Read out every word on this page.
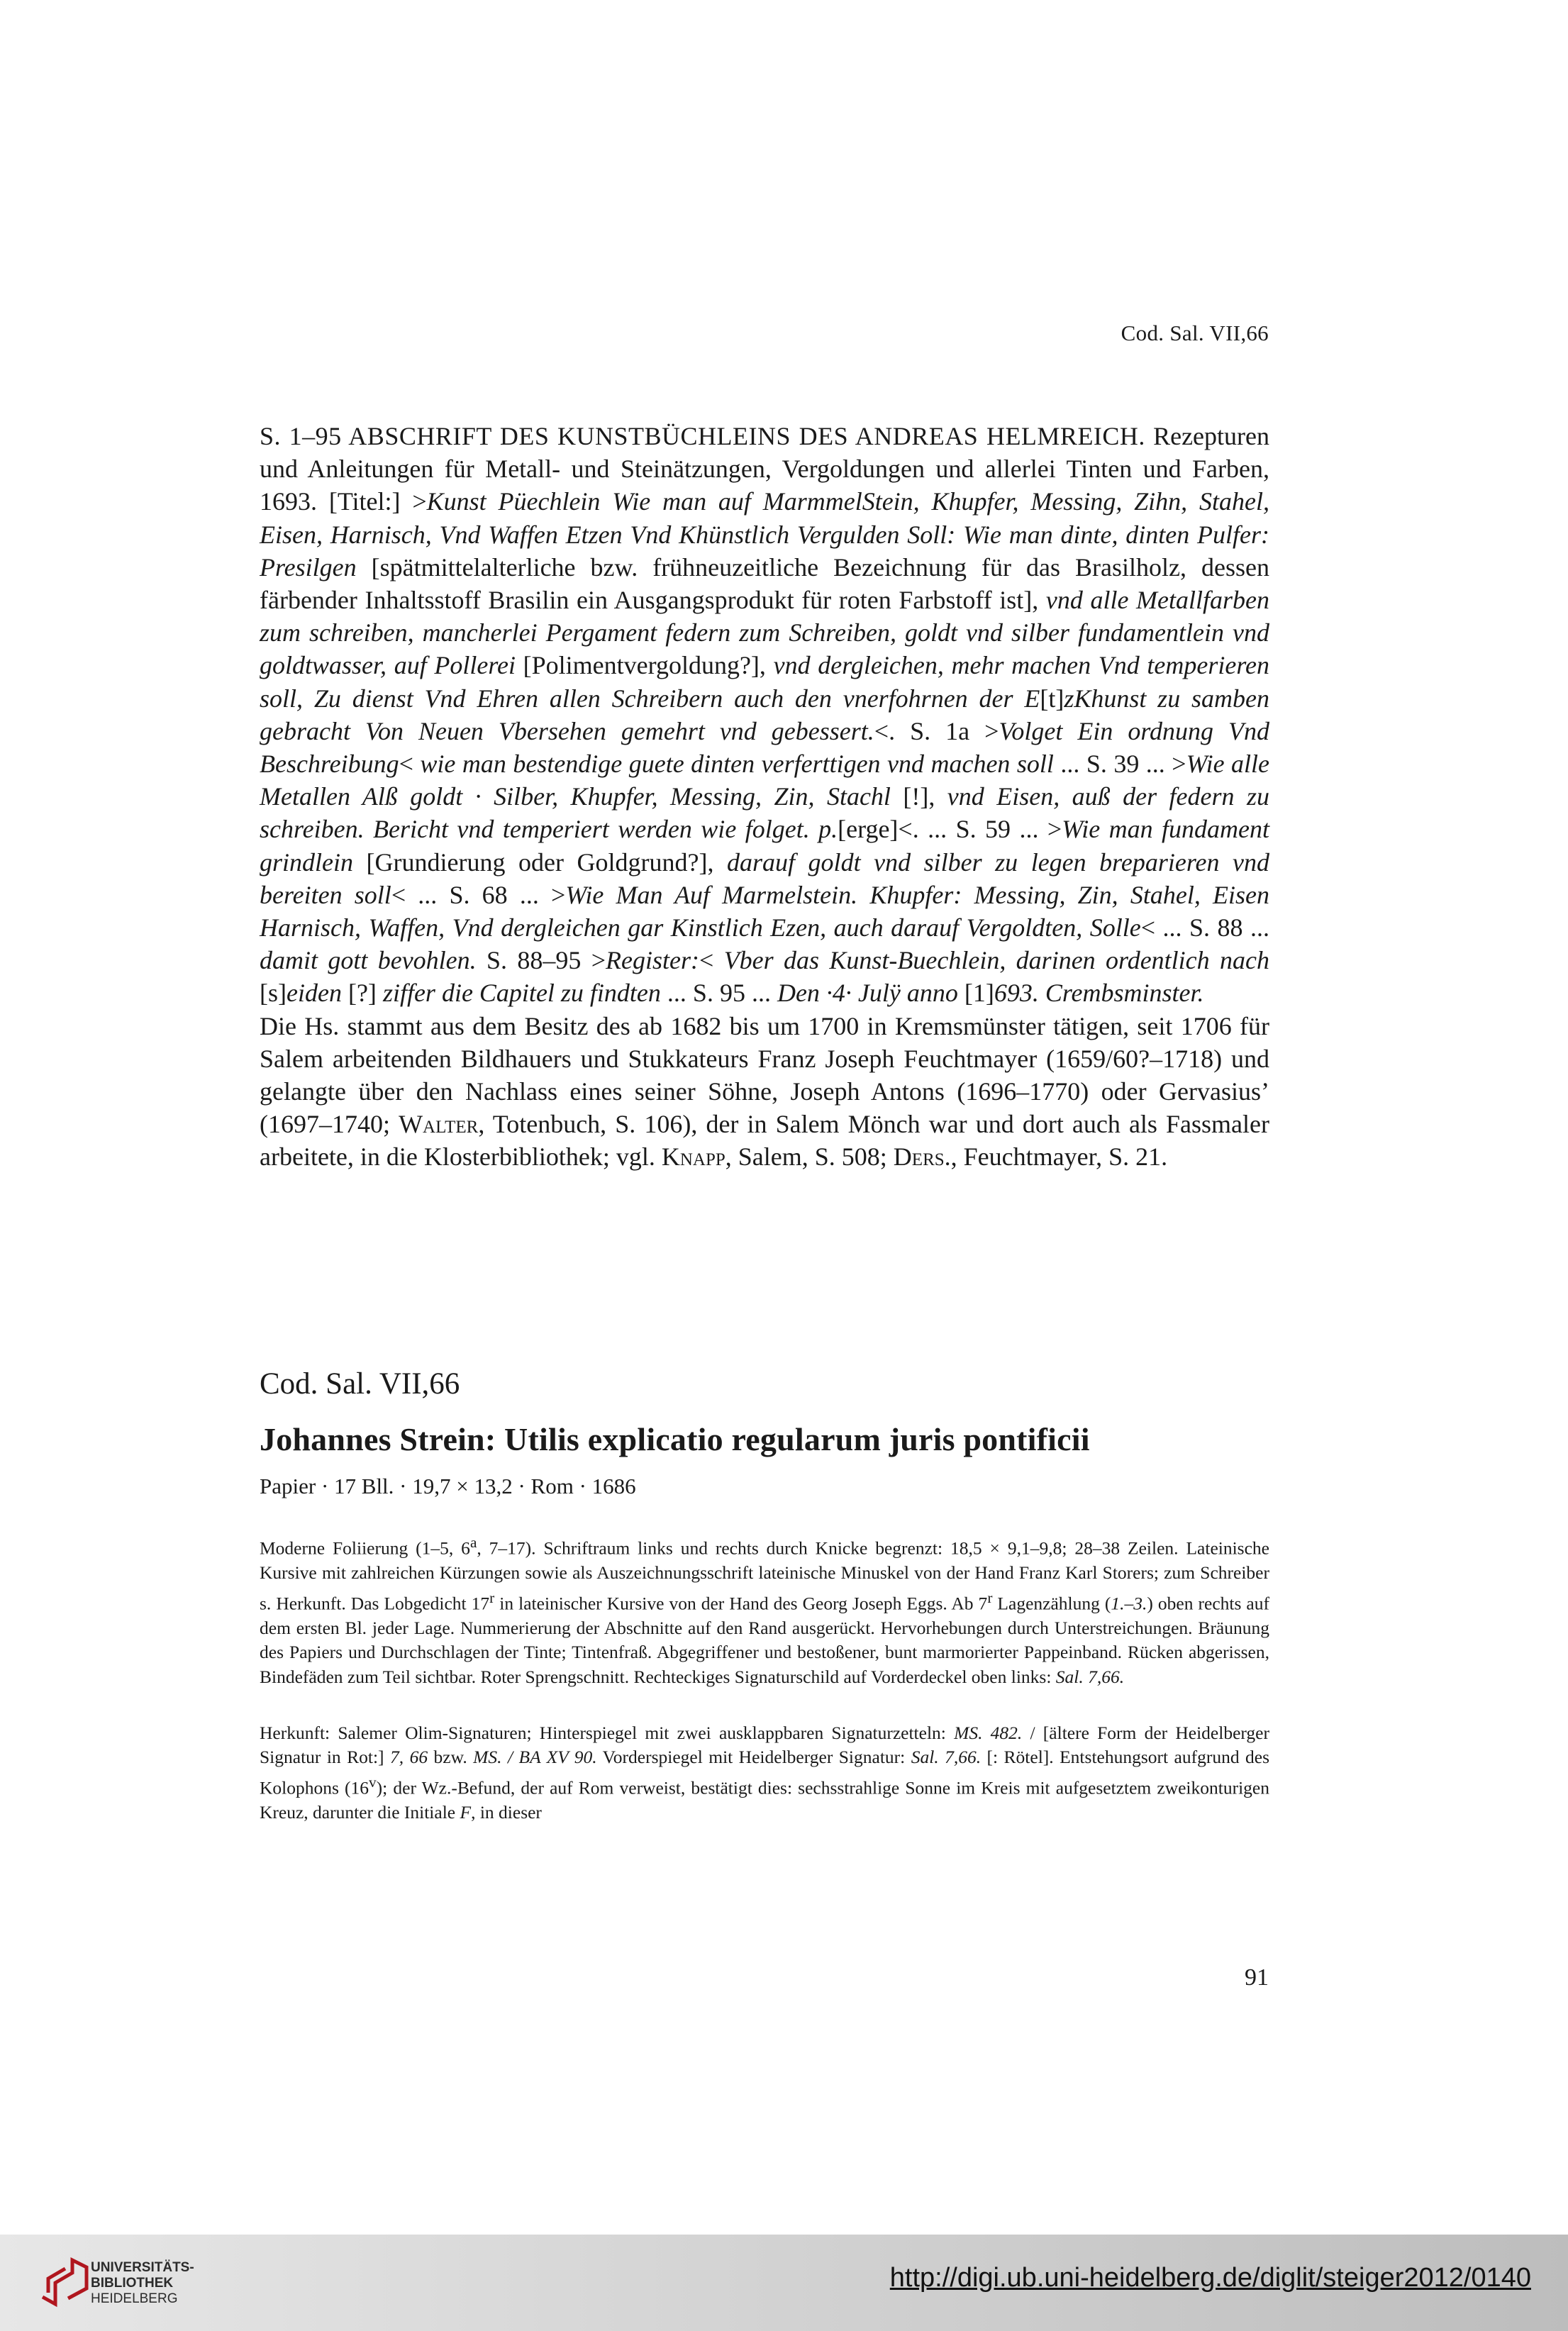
Cod. Sal. VII,66

S. 1–95 ABSCHRIFT DES KUNSTBÜCHLEINS DES ANDREAS HELMREICH. Rezepturen und Anleitungen für Metall- und Steinätzungen, Vergoldungen und allerlei Tinten und Farben, 1693. [Titel:] >Kunst Püechlein Wie man auf MarmmelStein, Khupfer, Messing, Zihn, Stahel, Eisen, Harnisch, Vnd Waffen Etzen Vnd Khünstlich Vergulden Soll: Wie man dinte, dinten Pulfer: Presilgen [spätmittelalterliche bzw. frühneuzeitliche Bezeichnung für das Brasilholz, dessen färbender Inhaltsstoff Brasilin ein Ausgangsprodukt für roten Farbstoff ist], vnd alle Metallfarben zum schreiben, mancherlei Pergament federn zum Schreiben, goldt vnd silber fundamentlein vnd goldtwasser, auf Pollerei [Polimentvergoldung?], vnd dergleichen, mehr machen Vnd temperieren soll, Zu dienst Vnd Ehren allen Schreibern auch den vnerfohrnen der E[t]zKhunst zu samben gebracht Von Neuen Vbersehen gemehrt vnd gebessert.<. S. 1a >Volget Ein ordnung Vnd Beschreibung< wie man bestendige guete dinten verferttigen vnd machen soll ... S. 39 ... >Wie alle Metallen Alß goldt · Silber, Khupfer, Messing, Zin, Stachl [!], vnd Eisen, auß der federn zu schreiben. Bericht vnd temperiert werden wie folget. p.[erge]<. ... S. 59 ... >Wie man fundament grindlein [Grundierung oder Goldgrund?], darauf goldt vnd silber zu legen breparieren vnd bereiten soll< ... S. 68 ... >Wie Man Auf Marmelstein. Khupfer: Messing, Zin, Stahel, Eisen Harnisch, Waffen, Vnd dergleichen gar Kinstlich Ezen, auch darauf Vergoldten, Solle< ... S. 88 ... damit gott bevohlen. S. 88–95 >Register:< Vber das Kunst-Buechlein, darinen ordentlich nach [s]eiden [?] ziffer die Capitel zu findten ... S. 95 ... Den ·4· Julÿ anno [1]693. Crembsminster.

Die Hs. stammt aus dem Besitz des ab 1682 bis um 1700 in Kremsmünster tätigen, seit 1706 für Salem arbeitenden Bildhauers und Stukkateurs Franz Joseph Feuchtmayer (1659/60?–1718) und gelangte über den Nachlass eines seiner Söhne, Joseph Antons (1696–1770) oder Gervasius’ (1697–1740; Walter, Totenbuch, S. 106), der in Salem Mönch war und dort auch als Fassmaler arbeitete, in die Klosterbibliothek; vgl. Knapp, Salem, S. 508; Ders., Feuchtmayer, S. 21.

Cod. Sal. VII,66

Johannes Strein: Utilis explicatio regularum juris pontificii

Papier · 17 Bll. · 19,7 × 13,2 · Rom · 1686

Moderne Foliierung (1–5, 6$^a$, 7–17). Schriftraum links und rechts durch Knicke begrenzt: 18,5 × 9,1–9,8; 28–38 Zeilen. Lateinische Kursive mit zahlreichen Kürzungen sowie als Auszeichnungsschrift lateinische Minuskel von der Hand Franz Karl Storers; zum Schreiber s. Herkunft. Das Lobgedicht 17$^r$ in lateinischer Kursive von der Hand des Georg Joseph Eggs. Ab 7$^r$ Lagenzählung (1.–3.) oben rechts auf dem ersten Bl. jeder Lage. Nummerierung der Abschnitte auf den Rand ausgerückt. Hervorhebungen durch Unterstreichungen. Bräunung des Papiers und Durchschlagen der Tinte; Tintenfraß. Abgegriffener und bestoßener, bunt marmorierter Pappeinband. Rücken abgerissen, Bindefäden zum Teil sichtbar. Roter Sprengschnitt. Rechteckiges Signaturschild auf Vorderdeckel oben links: Sal. 7,66.

Herkunft: Salemer Olim-Signaturen; Hinterspiegel mit zwei ausklappbaren Signaturzetteln: MS. 482. / [ältere Form der Heidelberger Signatur in Rot:] 7, 66 bzw. MS. / BA XV 90. Vorderspiegel mit Heidelberger Signatur: Sal. 7,66. [: Rötel]. Entstehungsort aufgrund des Kolophons (16$^v$); der Wz.-Befund, der auf Rom verweist, bestätigt dies: sechsstrahlige Sonne im Kreis mit aufgesetztem zweikonturigen Kreuz, darunter die Initiale F, in dieser

91
UNIVERSITÄTS-
BIBLIOTHEK
HEIDELBERG
http://digi.ub.uni-heidelberg.de/diglit/steiger2012/0140
